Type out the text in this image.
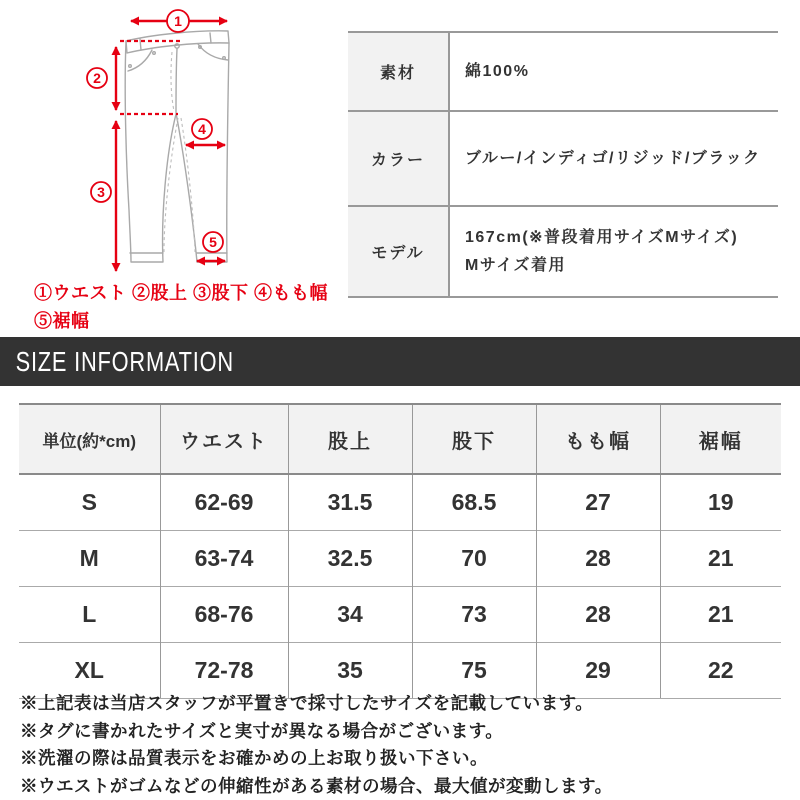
1
2
3
4
5
①ウエスト ②股上 ③股下 ④もも幅
⑤裾幅
素材	綿100%

カラー	ブルー/インディゴ/リジッド/ブラック

モデル	167cm(※普段着用サイズMサイズ)
Mサイズ着用
SIZE INFORMATION
単位(約*cm)	ウエスト	股上	股下	もも幅	裾幅
S	62-69	31.5	68.5	27	19
M	63-74	32.5	70	28	21
L	68-76	34	73	28	21
XL	72-78	35	75	29	22
※上記表は当店スタッフが平置きで採寸したサイズを記載しています。
※タグに書かれたサイズと実寸が異なる場合がございます。
※洗濯の際は品質表示をお確かめの上お取り扱い下さい。
※ウエストがゴムなどの伸縮性がある素材の場合、最大値が変動します。
